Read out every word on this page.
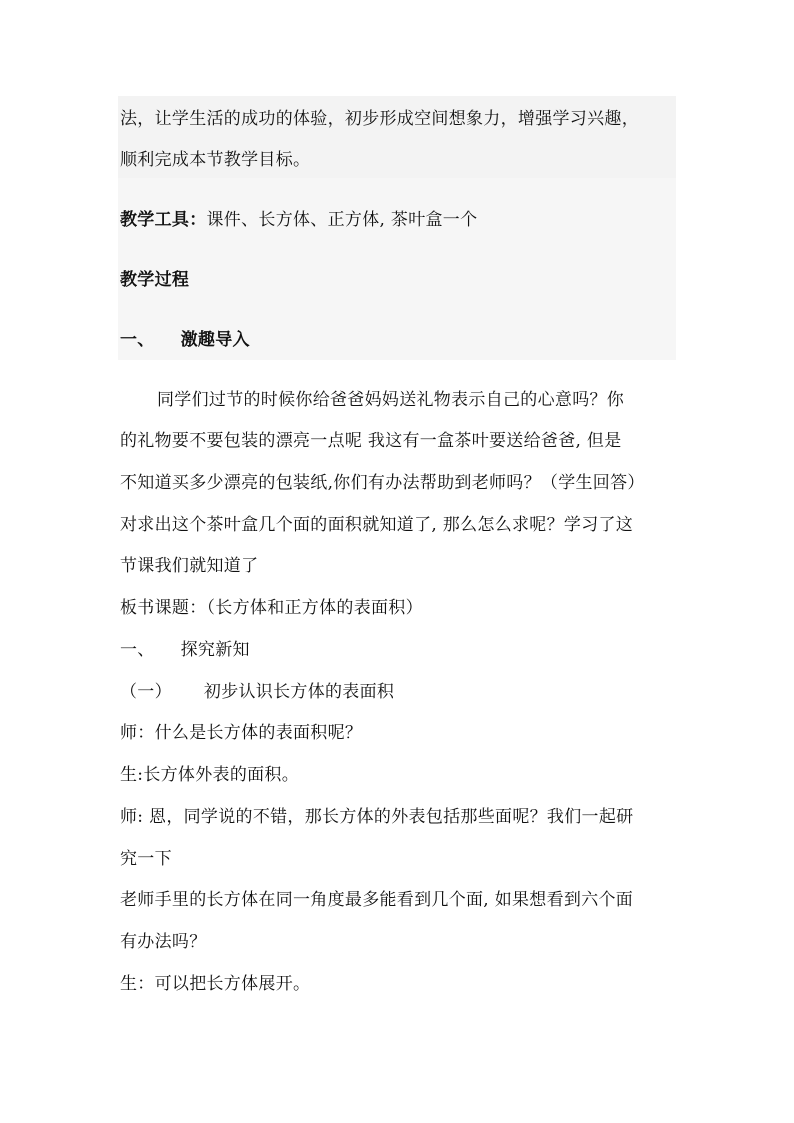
法，让学生活的成功的体验，初步形成空间想象力，增强学习兴趣，

顺利完成本节教学目标。

教学工具：课件、长方体、正方体, 茶叶盒一个

教学过程

一、 激趣导入

同学们过节的时候你给爸爸妈妈送礼物表示自己的心意吗？你

的礼物要不要包装的漂亮一点呢 我这有一盒茶叶要送给爸爸, 但是

不知道买多少漂亮的包装纸,你们有办法帮助到老师吗？（学生回答）

对求出这个茶叶盒几个面的面积就知道了, 那么怎么求呢？学习了这

节课我们就知道了

板书课题：（长方体和正方体的表面积）

一、 探究新知

（一） 初步认识长方体的表面积

师：什么是长方体的表面积呢？

生:长方体外表的面积。

师: 恩，同学说的不错，那长方体的外表包括那些面呢？我们一起研

究一下

老师手里的长方体在同一角度最多能看到几个面, 如果想看到六个面

有办法吗？

生：可以把长方体展开。
